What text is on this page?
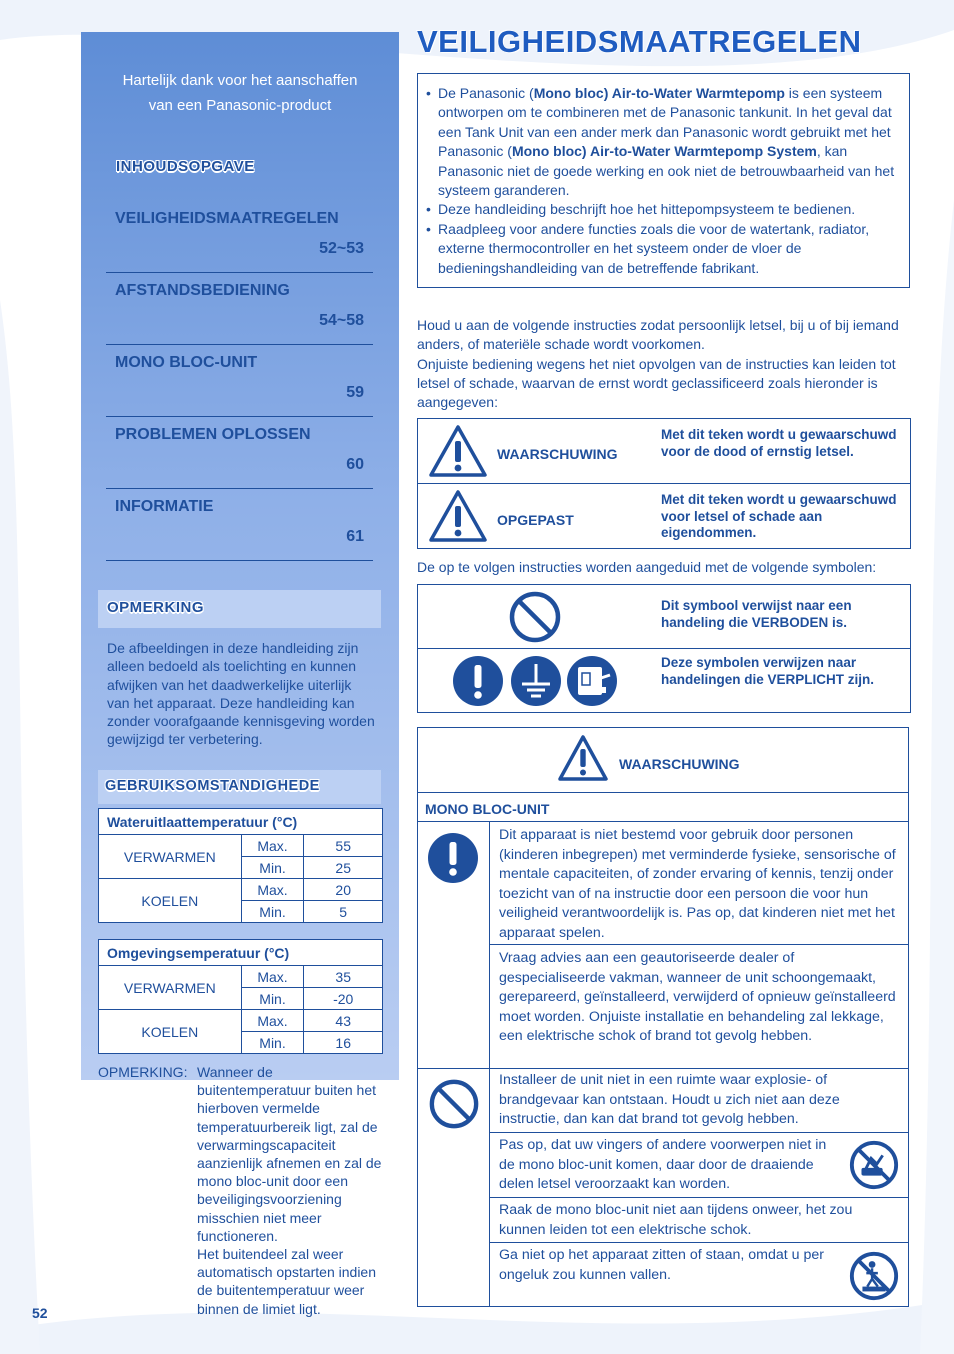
Hartelijk dank voor het aanschaffen
van een Panasonic-product
INHOUDSOPGAVE
VEILIGHEIDSMAATREGELEN
52~53
AFSTANDSBEDIENING
54~58
MONO BLOC-UNIT
59
PROBLEMEN OPLOSSEN
60
INFORMATIE
61
OPMERKING
De afbeeldingen in deze handleiding zijn alleen bedoeld als toelichting en kunnen afwijken van het daadwerkelijke uiterlijk van het apparaat. Deze handleiding kan zonder voorafgaande kennisgeving worden gewijzigd ter verbetering.
GEBRUIKSOMSTANDIGHEDE
Wateruitlaattemperatuur (°C)		
VERWARMEN	Max.	55
	Min.	25
KOELEN	Max.	20
	Min.	5
Omgevingsemperatuur (°C)		
VERWARMEN	Max.	35
	Min.	-20
KOELEN	Max.	43
	Min.	16
OPMERKING: Wanneer de buitentemperatuur buiten het hierboven vermelde temperatuurbereik ligt, zal de verwarmingscapaciteit aanzienlijk afnemen en zal de mono bloc-unit door een beveiligingsvoorziening misschien niet meer functioneren.
Het buitendeel zal weer automatisch opstarten indien de buitentemperatuur weer binnen de limiet ligt.
52
VEILIGHEIDSMAATREGELEN
• De Panasonic (Mono bloc) Air-to-Water Warmtepomp is een systeem ontworpen om te combineren met de Panasonic tankunit. In het geval dat een Tank Unit van een ander merk dan Panasonic wordt gebruikt met het Panasonic (Mono bloc) Air-to-Water Warmtepomp System, kan Panasonic niet de goede werking en ook niet de betrouwbaarheid van het systeem garanderen.
• Deze handleiding beschrijft hoe het hittepompsysteem te bedienen.
• Raadpleeg voor andere functies zoals die voor de watertank, radiator, externe thermocontroller en het systeem onder de vloer de bedieningshandleiding van de betreffende fabrikant.
Houd u aan de volgende instructies zodat persoonlijk letsel, bij u of bij iemand anders, of materiële schade wordt voorkomen.
Onjuiste bediening wegens het niet opvolgen van de instructies kan leiden tot letsel of schade, waarvan de ernst wordt geclassificeerd zoals hieronder is aangegeven:
WAARSCHUWING
Met dit teken wordt u gewaarschuwd voor de dood of ernstig letsel.
OPGEPAST
Met dit teken wordt u gewaarschuwd voor letsel of schade aan eigendommen.
De op te volgen instructies worden aangeduid met de volgende symbolen:
Dit symbool verwijst naar een handeling die VERBODEN is.
Deze symbolen verwijzen naar handelingen die VERPLICHT zijn.
WAARSCHUWING
MONO BLOC-UNIT
Dit apparaat is niet bestemd voor gebruik door personen (kinderen inbegrepen) met verminderde fysieke, sensorische of mentale capaciteiten, of zonder ervaring of kennis, tenzij onder toezicht van of na instructie door een persoon die voor hun veiligheid verantwoordelijk is. Pas op, dat kinderen niet met het apparaat spelen.
Vraag advies aan een geautoriseerde dealer of gespecialiseerde vakman, wanneer de unit schoongemaakt, gerepareerd, geïnstalleerd, verwijderd of opnieuw geïnstalleerd moet worden. Onjuiste installatie en behandeling zal lekkage, een elektrische schok of brand tot gevolg hebben.
Installeer de unit niet in een ruimte waar explosie- of brandgevaar kan ontstaan. Houdt u zich niet aan deze instructie, dan kan dat brand tot gevolg hebben.
Pas op, dat uw vingers of andere voorwerpen niet in de mono bloc-unit komen, daar door de draaiende delen letsel veroorzaakt kan worden.
Raak de mono bloc-unit niet aan tijdens onweer, het zou kunnen leiden tot een elektrische schok.
Ga niet op het apparaat zitten of staan, omdat u per ongeluk zou kunnen vallen.
